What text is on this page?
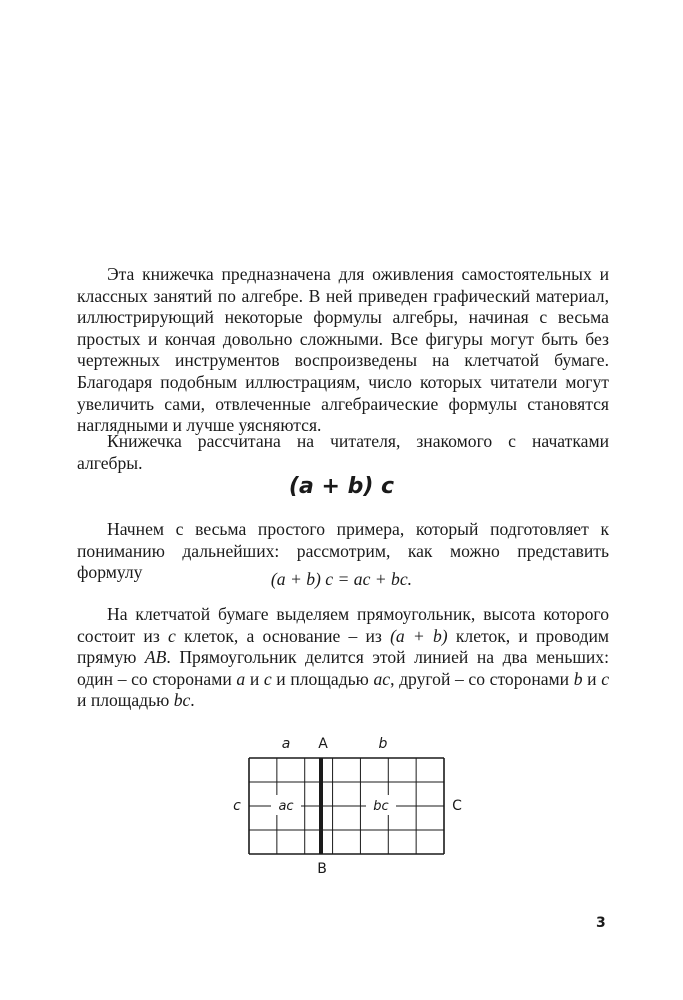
Эта книжечка предназначена для оживления самостоятельных и классных занятий по алгебре. В ней приведен графический материал, иллюстрирующий некоторые формулы алгебры, начиная с весьма простых и кончая довольно сложными. Все фигуры могут быть без чертежных инструментов воспроизведены на клетчатой бумаге. Благодаря подобным иллюстрациям, число которых читатели могут увеличить сами, отвлеченные алгебраические формулы становятся наглядными и лучше уясняются.

Книжечка рассчитана на читателя, знакомого с начатками алгебры.

(a + b) c

Начнем с весьма простого примера, который подготовляет к пониманию дальнейших: рассмотрим, как можно представить формулу	(a + b) c = ac + bc.

На клетчатой бумаге выделяем прямоугольник, высота которого состоит из c клеток, а основание – из (a + b) клеток, и проводим прямую AB. Прямоугольник делится этой линией на два меньших: один – со сторонами a и c и площадью ac, другой – со сторонами b и c и площадью bc.

a A	b
c	C
B
ac	bc
3
